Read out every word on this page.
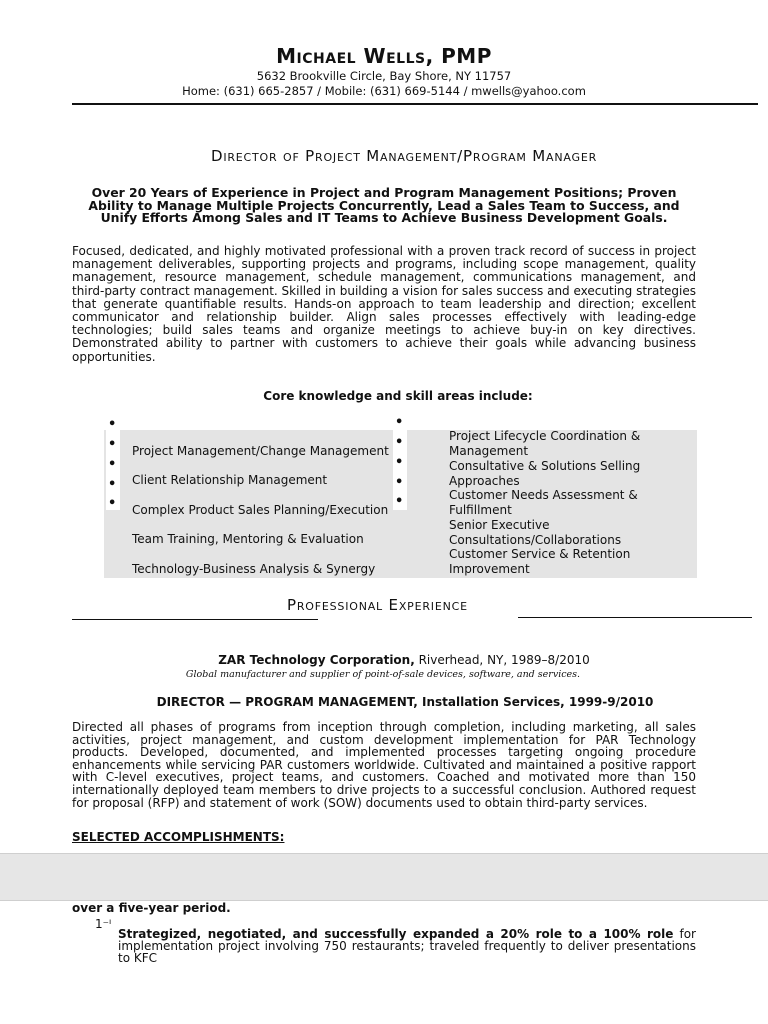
Michael Wells, PMP
5632 Brookville Circle, Bay Shore, NY 11757
Home: (631) 665-2857 / Mobile: (631) 669-5144 / mwells@yahoo.com
Director of Project Management/Program Manager
Over 20 Years of Experience in Project and Program Management Positions; Proven Ability to Manage Multiple Projects Concurrently, Lead a Sales Team to Success, and Unify Efforts Among Sales and IT Teams to Achieve Business Development Goals.
Focused, dedicated, and highly motivated professional with a proven track record of success in project management deliverables, supporting projects and programs, including scope management, quality management, resource management, schedule management, communications management, and third-party contract management. Skilled in building a vision for sales success and executing strategies that generate quantifiable results. Hands-on approach to team leadership and direction; excellent communicator and relationship builder. Align sales processes effectively with leading-edge technologies; build sales teams and organize meetings to achieve buy-in on key directives. Demonstrated ability to partner with customers to achieve their goals while advancing business opportunities.
Core knowledge and skill areas include:
•
•
•
•
•
•
•
•
•
•
Project Management/Change Management
Client Relationship Management
Complex Product Sales Planning/Execution
Team Training, Mentoring & Evaluation
Technology-Business Analysis & Synergy
Project Lifecycle Coordination & Management
Consultative & Solutions Selling Approaches
Customer Needs Assessment & Fulfillment
Senior Executive Consultations/Collaborations
Customer Service & Retention Improvement
Professional Experience
ZAR Technology Corporation, Riverhead, NY, 1989–8/2010
Global manufacturer and supplier of point-of-sale devices, software, and services.
DIRECTOR — PROGRAM MANAGEMENT, Installation Services, 1999-9/2010
Directed all phases of programs from inception through completion, including marketing, all sales activities, project management, and custom development implementation for PAR Technology products. Developed, documented, and implemented processes targeting ongoing procedure enhancements while servicing PAR customers worldwide. Cultivated and maintained a positive rapport with C-level executives, project teams, and customers. Coached and motivated more than 150 internationally deployed team members to drive projects to a successful conclusion. Authored request for proposal (RFP) and statement of work (SOW) documents used to obtain third-party services.
SELECTED ACCOMPLISHMENTS:
over a five-year period.
1⁻ᴵ
Strategized, negotiated, and successfully expanded a 20% role to a 100% role for implementation project involving 750 restaurants; traveled frequently to deliver presentations to KFC
